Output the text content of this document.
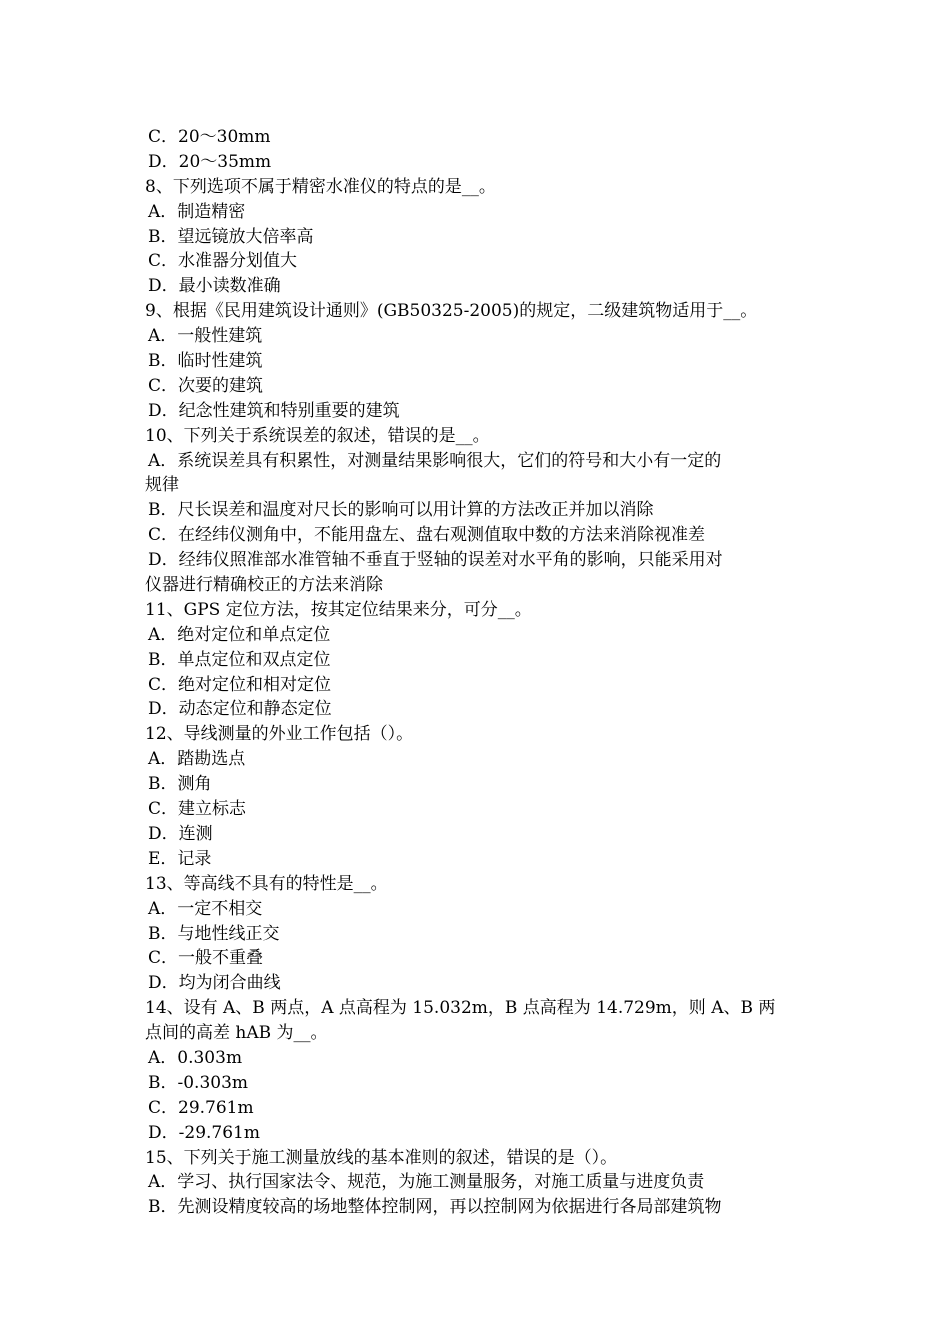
C．20～30mm
D．20～35mm
8、下列选项不属于精密水准仪的特点的是__。
A．制造精密
B．望远镜放大倍率高
C．水准器分划值大
D．最小读数准确
9、根据《民用建筑设计通则》(GB50325-2005)的规定，二级建筑物适用于__。
A．一般性建筑
B．临时性建筑
C．次要的建筑
D．纪念性建筑和特别重要的建筑
10、下列关于系统误差的叙述，错误的是__。
A．系统误差具有积累性，对测量结果影响很大，它们的符号和大小有一定的
规律
B．尺长误差和温度对尺长的影响可以用计算的方法改正并加以消除
C．在经纬仪测角中，不能用盘左、盘右观测值取中数的方法来消除视准差
D．经纬仪照准部水准管轴不垂直于竖轴的误差对水平角的影响，只能采用对
仪器进行精确校正的方法来消除
11、GPS 定位方法，按其定位结果来分，可分__。
A．绝对定位和单点定位
B．单点定位和双点定位
C．绝对定位和相对定位
D．动态定位和静态定位
12、导线测量的外业工作包括（）。
A．踏勘选点
B．测角
C．建立标志
D．连测
E．记录
13、等高线不具有的特性是__。
A．一定不相交
B．与地性线正交
C．一般不重叠
D．均为闭合曲线
14、设有 A、B 两点，A 点高程为 15.032m，B 点高程为 14.729m，则 A、B 两
点间的高差 hAB 为__。
A．0.303m
B．-0.303m
C．29.761m
D．-29.761m
15、下列关于施工测量放线的基本准则的叙述，错误的是（）。
A．学习、执行国家法令、规范，为施工测量服务，对施工质量与进度负责
B．先测设精度较高的场地整体控制网，再以控制网为依据进行各局部建筑物
